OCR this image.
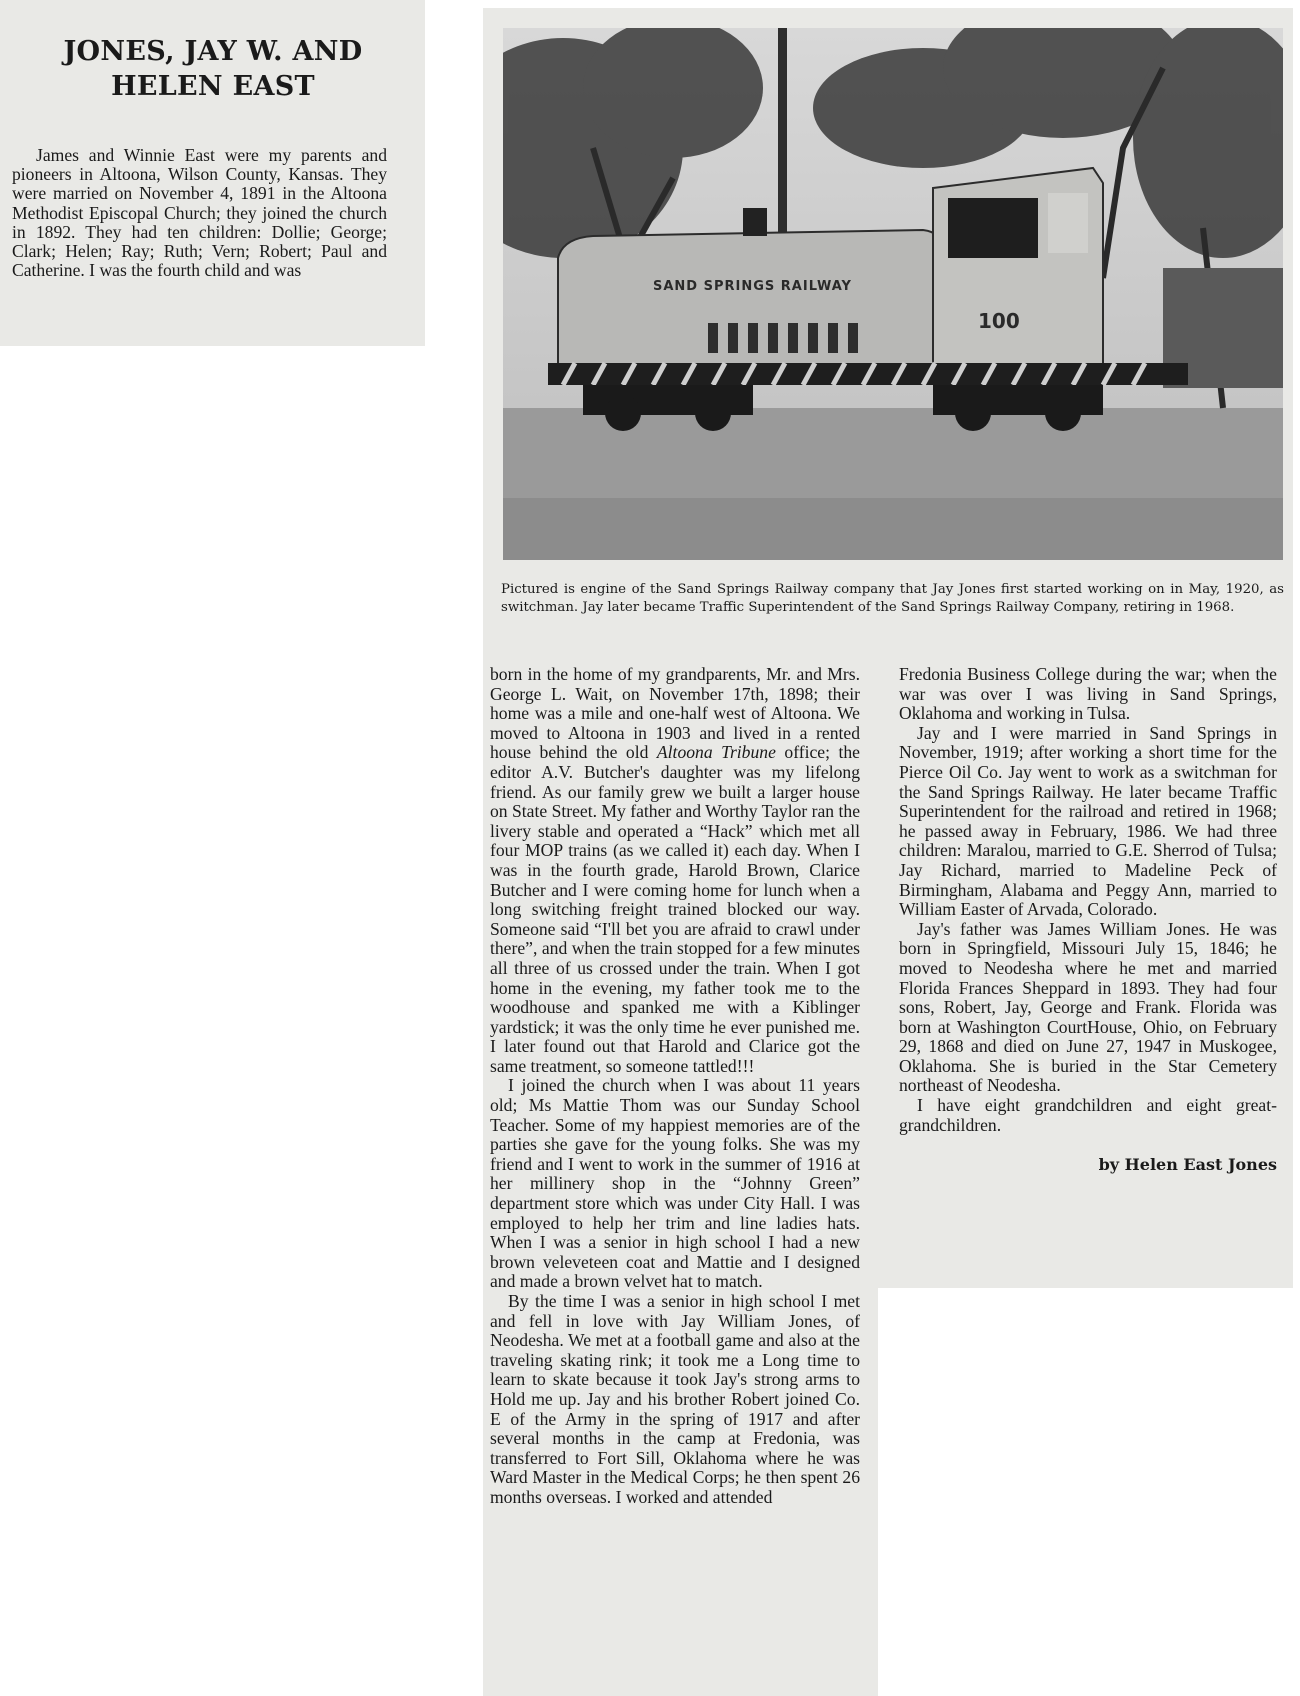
JONES, JAY W. AND
HELEN EAST

James and Winnie East were my parents and pioneers in Altoona, Wilson County, Kansas. They were married on November 4, 1891 in the Altoona Methodist Episcopal Church; they joined the church in 1892. They had ten children: Dollie; George; Clark; Helen; Ray; Ruth; Vern; Robert; Paul and Catherine. I was the fourth child and was

SAND SPRINGS RAILWAY
100

Pictured is engine of the Sand Springs Railway company that Jay Jones first started working on in May, 1920, as switchman. Jay later became Traffic Superintendent of the Sand Springs Railway Company, retiring in 1968.

born in the home of my grandparents, Mr. and Mrs. George L. Wait, on November 17th, 1898; their home was a mile and one-half west of Altoona. We moved to Altoona in 1903 and lived in a rented house behind the old Altoona Tribune office; the editor A.V. Butcher's daughter was my lifelong friend. As our family grew we built a larger house on State Street. My father and Worthy Taylor ran the livery stable and operated a “Hack” which met all four MOP trains (as we called it) each day. When I was in the fourth grade, Harold Brown, Clarice Butcher and I were coming home for lunch when a long switching freight trained blocked our way. Someone said “I'll bet you are afraid to crawl under there”, and when the train stopped for a few minutes all three of us crossed under the train. When I got home in the evening, my father took me to the woodhouse and spanked me with a Kiblinger yardstick; it was the only time he ever punished me. I later found out that Harold and Clarice got the same treatment, so someone tattled!!!

I joined the church when I was about 11 years old; Ms Mattie Thom was our Sunday School Teacher. Some of my happiest memories are of the parties she gave for the young folks. She was my friend and I went to work in the summer of 1916 at her millinery shop in the “Johnny Green” department store which was under City Hall. I was employed to help her trim and line ladies hats. When I was a senior in high school I had a new brown veleveteen coat and Mattie and I designed and made a brown velvet hat to match.

By the time I was a senior in high school I met and fell in love with Jay William Jones, of Neodesha. We met at a football game and also at the traveling skating rink; it took me a Long time to learn to skate because it took Jay's strong arms to Hold me up. Jay and his brother Robert joined Co. E of the Army in the spring of 1917 and after several months in the camp at Fredonia, was transferred to Fort Sill, Oklahoma where he was Ward Master in the Medical Corps; he then spent 26 months overseas. I worked and attended

Fredonia Business College during the war; when the war was over I was living in Sand Springs, Oklahoma and working in Tulsa.

Jay and I were married in Sand Springs in November, 1919; after working a short time for the Pierce Oil Co. Jay went to work as a switchman for the Sand Springs Railway. He later became Traffic Superintendent for the railroad and retired in 1968; he passed away in February, 1986. We had three children: Maralou, married to G.E. Sherrod of Tulsa; Jay Richard, married to Madeline Peck of Birmingham, Alabama and Peggy Ann, married to William Easter of Arvada, Colorado.

Jay's father was James William Jones. He was born in Springfield, Missouri July 15, 1846; he moved to Neodesha where he met and married Florida Frances Sheppard in 1893. They had four sons, Robert, Jay, George and Frank. Florida was born at Washington CourtHouse, Ohio, on February 29, 1868 and died on June 27, 1947 in Muskogee, Oklahoma. She is buried in the Star Cemetery northeast of Neodesha.

I have eight grandchildren and eight great-grandchildren.

by Helen East Jones
